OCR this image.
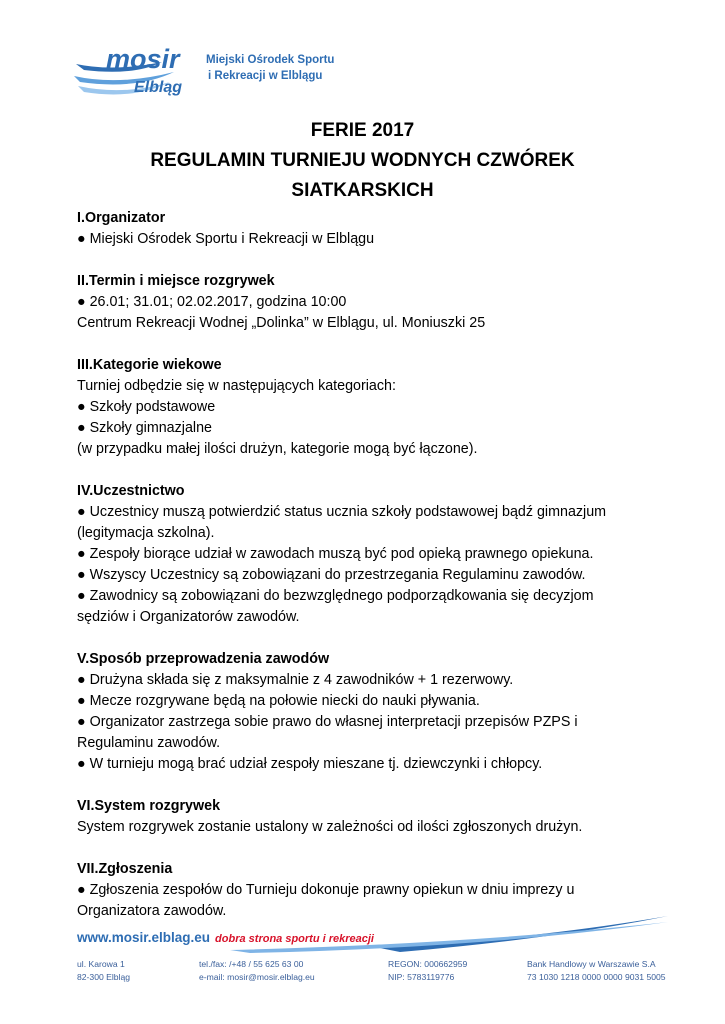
mosir
Elbląg
Miejski Ośrodek Sportu
i Rekreacji w Elblągu
FERIE 2017
REGULAMIN TURNIEJU WODNYCH CZWÓREK
SIATKARSKICH
I.Organizator

● Miejski Ośrodek Sportu i Rekreacji w Elblągu

II.Termin i miejsce rozgrywek

● 26.01; 31.01; 02.02.2017, godzina 10:00

Centrum Rekreacji Wodnej „Dolinka” w Elblągu, ul. Moniuszki 25

III.Kategorie wiekowe

Turniej odbędzie się w następujących kategoriach:

● Szkoły podstawowe

● Szkoły gimnazjalne

(w przypadku małej ilości drużyn, kategorie mogą być łączone).

IV.Uczestnictwo

● Uczestnicy muszą potwierdzić status ucznia szkoły podstawowej bądź gimnazjum

(legitymacja szkolna).

● Zespoły biorące udział w zawodach muszą być pod opieką prawnego opiekuna.

● Wszyscy Uczestnicy są zobowiązani do przestrzegania Regulaminu zawodów.

● Zawodnicy są zobowiązani do bezwzględnego podporządkowania się decyzjom

sędziów i Organizatorów zawodów.

V.Sposób przeprowadzenia zawodów

● Drużyna składa się z maksymalnie z 4 zawodników + 1 rezerwowy.

● Mecze rozgrywane będą na połowie niecki do nauki pływania.

● Organizator zastrzega sobie prawo do własnej interpretacji przepisów PZPS i

Regulaminu zawodów.

● W turnieju mogą brać udział zespoły mieszane tj. dziewczynki i chłopcy.

VI.System rozgrywek

System rozgrywek zostanie ustalony w zależności od ilości zgłoszonych drużyn.

VII.Zgłoszenia

● Zgłoszenia zespołów do Turnieju dokonuje prawny opiekun w dniu imprezy u

Organizatora zawodów.

www.mosir.elblag.eu dobra strona sportu i rekreacji
ul. Karowa 1
82-300 Elbląg
tel./fax: /+48 / 55 625 63 00
e-mail: mosir@mosir.elblag.eu
REGON: 000662959
NIP: 5783119776
Bank Handlowy w Warszawie S.A
73 1030 1218 0000 0000 9031 5005
